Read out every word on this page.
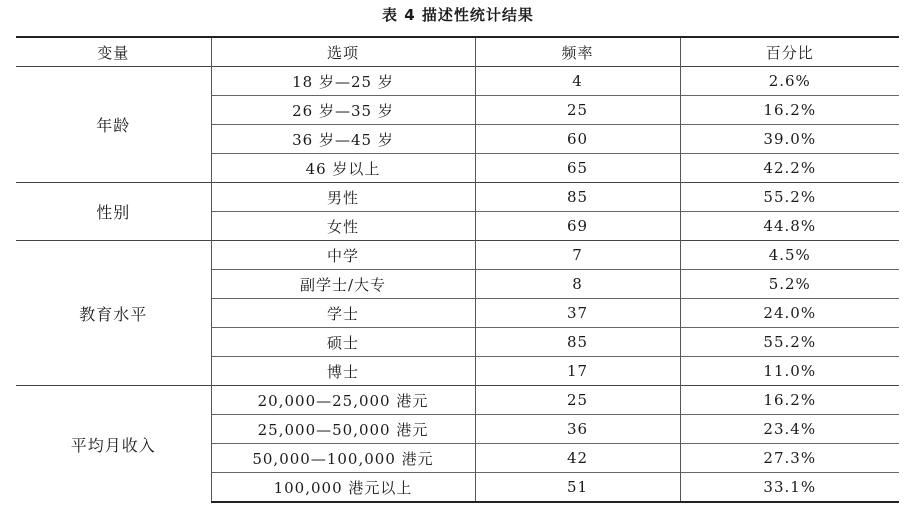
表 4 描述性统计结果
变量	选项	频率	百分比
年龄	18 岁—25 岁	4	2.6%
	26 岁—35 岁	25	16.2%
	36 岁—45 岁	60	39.0%
	46 岁以上	65	42.2%
性别	男性	85	55.2%
	女性	69	44.8%
教育水平	中学	7	4.5%
	副学士/大专	8	5.2%
	学士	37	24.0%
	硕士	85	55.2%
	博士	17	11.0%
平均月收入	20,000—25,000 港元	25	16.2%
	25,000—50,000 港元	36	23.4%
	50,000—100,000 港元	42	27.3%
	100,000 港元以上	51	33.1%
